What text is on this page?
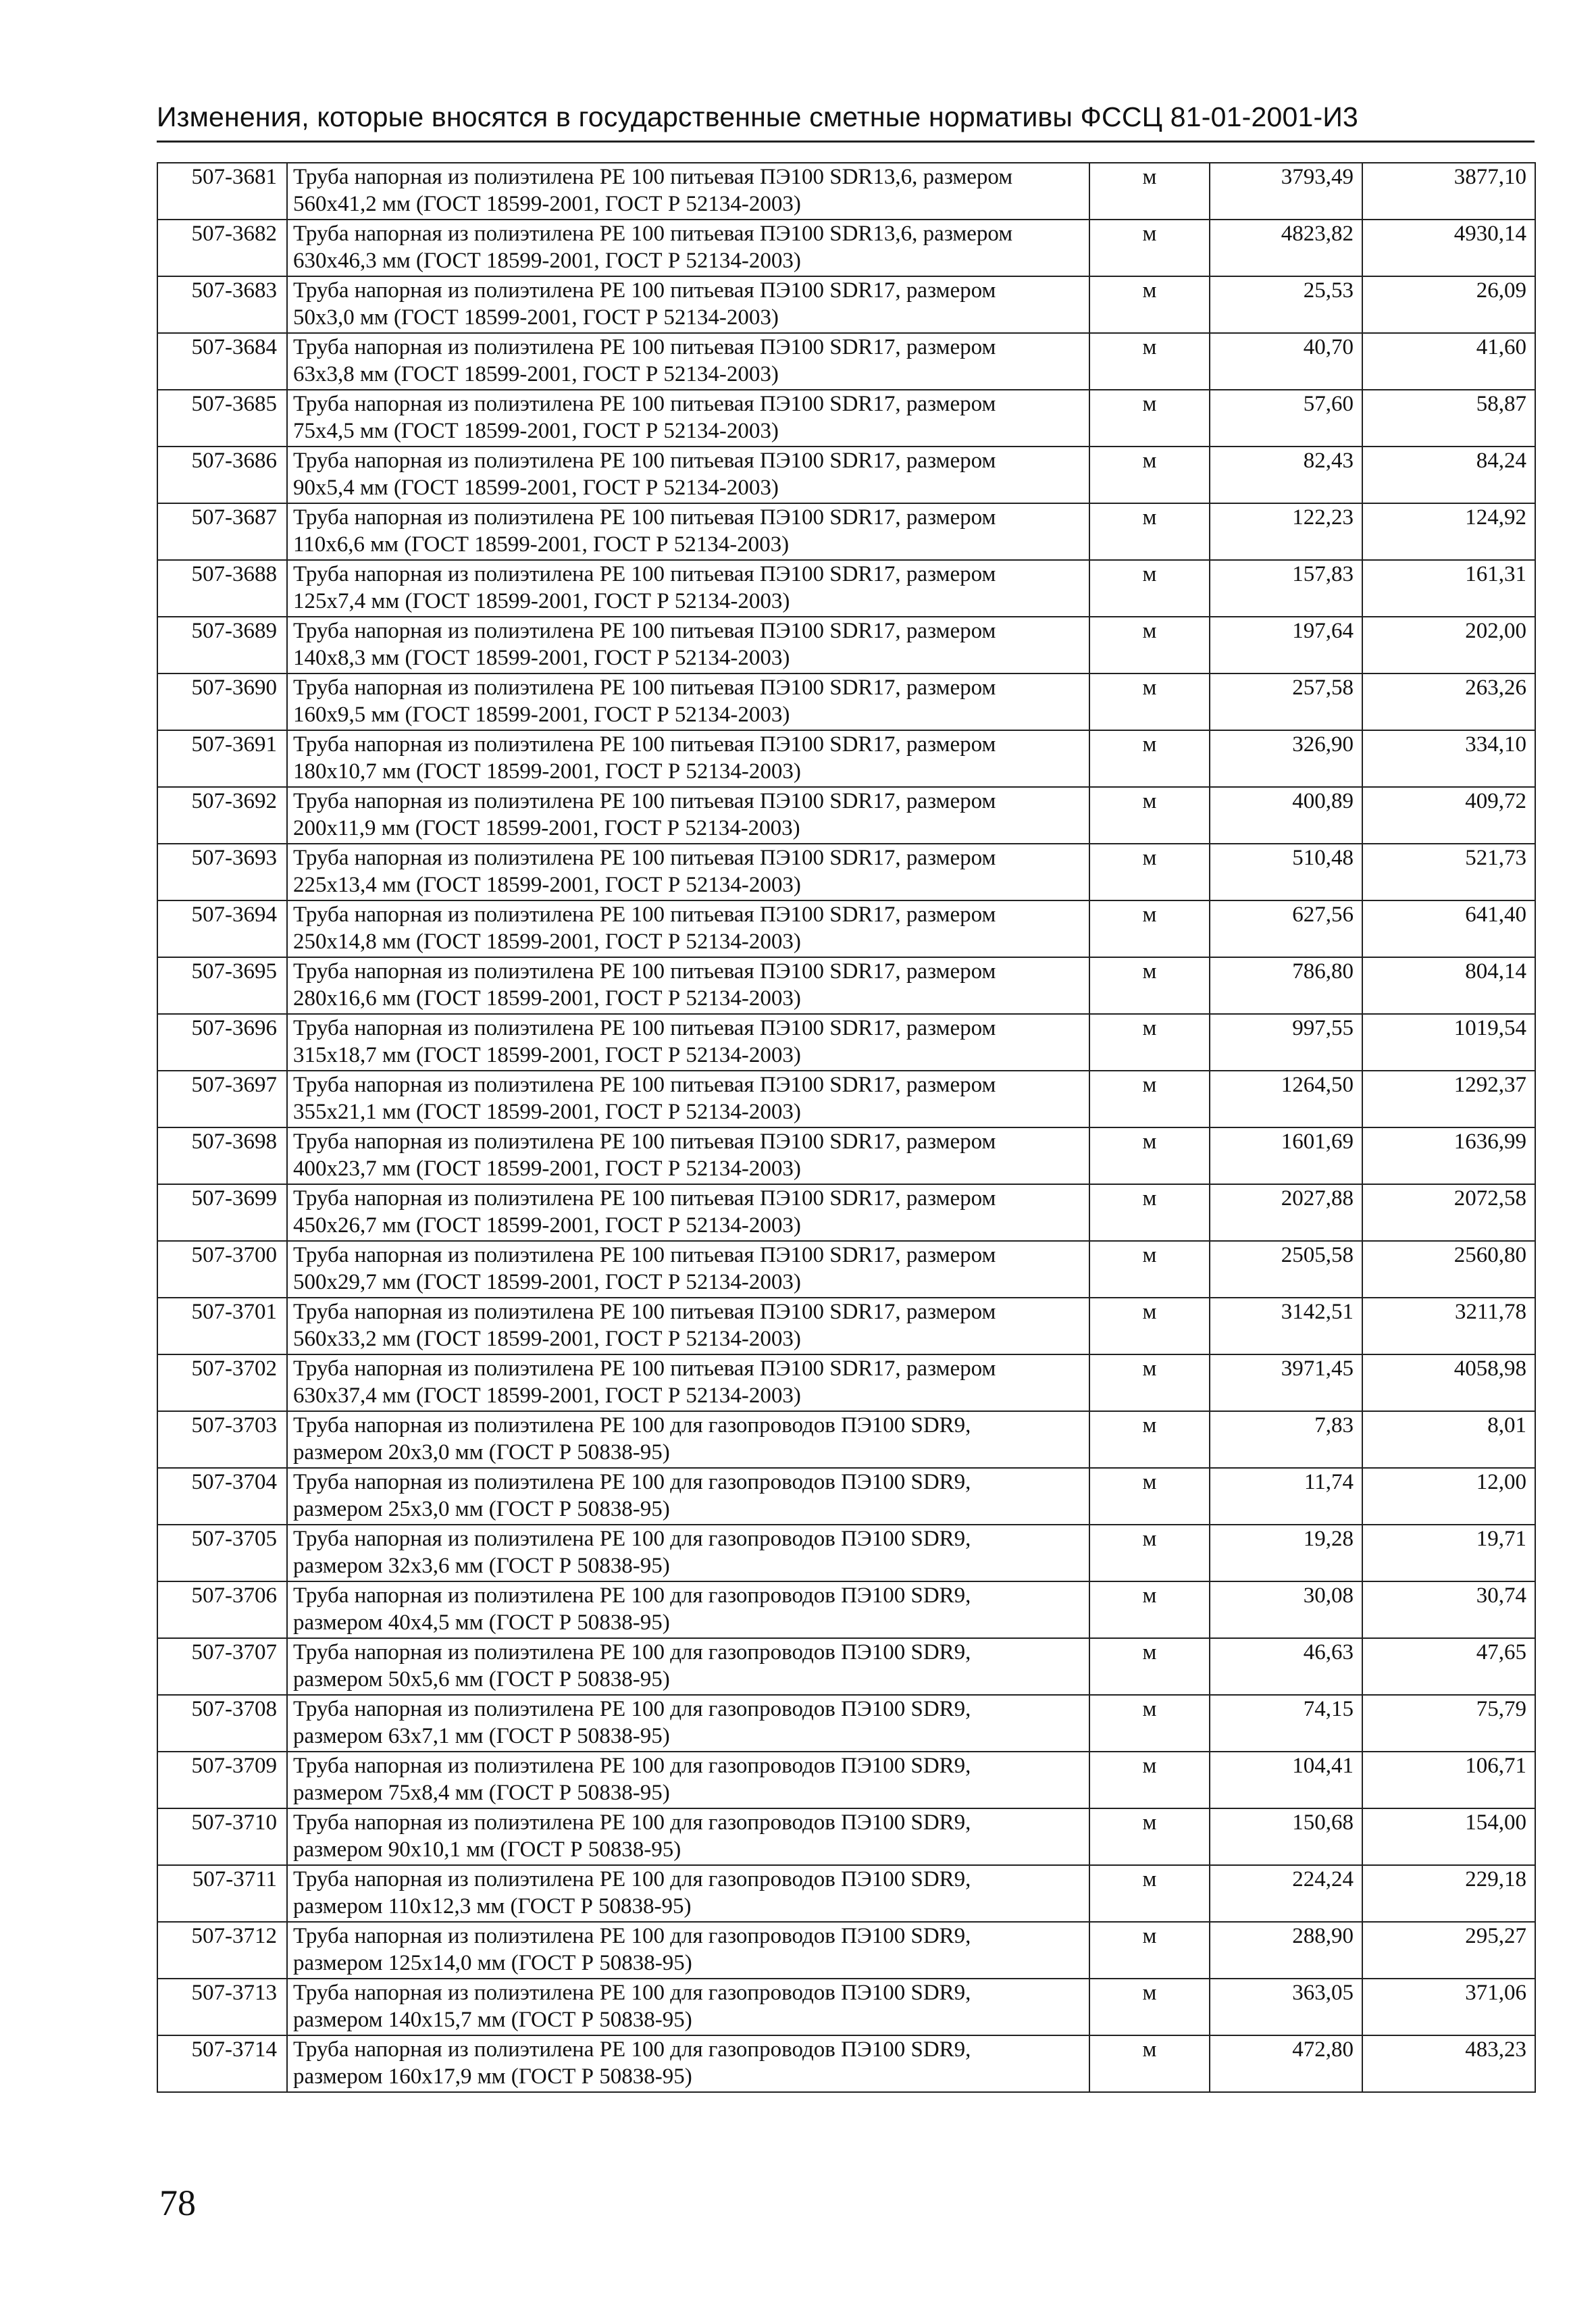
Изменения, которые вносятся в государственные сметные нормативы ФССЦ 81-01-2001-И3
507-3681	Труба напорная из полиэтилена PE 100 питьевая ПЭ100 SDR13,6, размером
560x41,2 мм (ГОСТ 18599-2001, ГОСТ Р 52134-2003)	м	3793,49	3877,10
507-3682	Труба напорная из полиэтилена PE 100 питьевая ПЭ100 SDR13,6, размером
630x46,3 мм (ГОСТ 18599-2001, ГОСТ Р 52134-2003)	м	4823,82	4930,14
507-3683	Труба напорная из полиэтилена PE 100 питьевая ПЭ100 SDR17, размером
50x3,0 мм (ГОСТ 18599-2001, ГОСТ Р 52134-2003)	м	25,53	26,09
507-3684	Труба напорная из полиэтилена PE 100 питьевая ПЭ100 SDR17, размером
63x3,8 мм (ГОСТ 18599-2001, ГОСТ Р 52134-2003)	м	40,70	41,60
507-3685	Труба напорная из полиэтилена PE 100 питьевая ПЭ100 SDR17, размером
75x4,5 мм (ГОСТ 18599-2001, ГОСТ Р 52134-2003)	м	57,60	58,87
507-3686	Труба напорная из полиэтилена PE 100 питьевая ПЭ100 SDR17, размером
90x5,4 мм (ГОСТ 18599-2001, ГОСТ Р 52134-2003)	м	82,43	84,24
507-3687	Труба напорная из полиэтилена PE 100 питьевая ПЭ100 SDR17, размером
110x6,6 мм (ГОСТ 18599-2001, ГОСТ Р 52134-2003)	м	122,23	124,92
507-3688	Труба напорная из полиэтилена PE 100 питьевая ПЭ100 SDR17, размером
125x7,4 мм (ГОСТ 18599-2001, ГОСТ Р 52134-2003)	м	157,83	161,31
507-3689	Труба напорная из полиэтилена PE 100 питьевая ПЭ100 SDR17, размером
140x8,3 мм (ГОСТ 18599-2001, ГОСТ Р 52134-2003)	м	197,64	202,00
507-3690	Труба напорная из полиэтилена PE 100 питьевая ПЭ100 SDR17, размером
160x9,5 мм (ГОСТ 18599-2001, ГОСТ Р 52134-2003)	м	257,58	263,26
507-3691	Труба напорная из полиэтилена PE 100 питьевая ПЭ100 SDR17, размером
180x10,7 мм (ГОСТ 18599-2001, ГОСТ Р 52134-2003)	м	326,90	334,10
507-3692	Труба напорная из полиэтилена PE 100 питьевая ПЭ100 SDR17, размером
200x11,9 мм (ГОСТ 18599-2001, ГОСТ Р 52134-2003)	м	400,89	409,72
507-3693	Труба напорная из полиэтилена PE 100 питьевая ПЭ100 SDR17, размером
225x13,4 мм (ГОСТ 18599-2001, ГОСТ Р 52134-2003)	м	510,48	521,73
507-3694	Труба напорная из полиэтилена PE 100 питьевая ПЭ100 SDR17, размером
250x14,8 мм (ГОСТ 18599-2001, ГОСТ Р 52134-2003)	м	627,56	641,40
507-3695	Труба напорная из полиэтилена PE 100 питьевая ПЭ100 SDR17, размером
280x16,6 мм (ГОСТ 18599-2001, ГОСТ Р 52134-2003)	м	786,80	804,14
507-3696	Труба напорная из полиэтилена PE 100 питьевая ПЭ100 SDR17, размером
315x18,7 мм (ГОСТ 18599-2001, ГОСТ Р 52134-2003)	м	997,55	1019,54
507-3697	Труба напорная из полиэтилена PE 100 питьевая ПЭ100 SDR17, размером
355x21,1 мм (ГОСТ 18599-2001, ГОСТ Р 52134-2003)	м	1264,50	1292,37
507-3698	Труба напорная из полиэтилена PE 100 питьевая ПЭ100 SDR17, размером
400x23,7 мм (ГОСТ 18599-2001, ГОСТ Р 52134-2003)	м	1601,69	1636,99
507-3699	Труба напорная из полиэтилена PE 100 питьевая ПЭ100 SDR17, размером
450x26,7 мм (ГОСТ 18599-2001, ГОСТ Р 52134-2003)	м	2027,88	2072,58
507-3700	Труба напорная из полиэтилена PE 100 питьевая ПЭ100 SDR17, размером
500x29,7 мм (ГОСТ 18599-2001, ГОСТ Р 52134-2003)	м	2505,58	2560,80
507-3701	Труба напорная из полиэтилена PE 100 питьевая ПЭ100 SDR17, размером
560x33,2 мм (ГОСТ 18599-2001, ГОСТ Р 52134-2003)	м	3142,51	3211,78
507-3702	Труба напорная из полиэтилена PE 100 питьевая ПЭ100 SDR17, размером
630x37,4 мм (ГОСТ 18599-2001, ГОСТ Р 52134-2003)	м	3971,45	4058,98
507-3703	Труба напорная из полиэтилена PE 100 для газопроводов ПЭ100 SDR9,
размером 20x3,0 мм (ГОСТ Р 50838-95)	м	7,83	8,01
507-3704	Труба напорная из полиэтилена PE 100 для газопроводов ПЭ100 SDR9,
размером 25x3,0 мм (ГОСТ Р 50838-95)	м	11,74	12,00
507-3705	Труба напорная из полиэтилена PE 100 для газопроводов ПЭ100 SDR9,
размером 32x3,6 мм (ГОСТ Р 50838-95)	м	19,28	19,71
507-3706	Труба напорная из полиэтилена PE 100 для газопроводов ПЭ100 SDR9,
размером 40x4,5 мм (ГОСТ Р 50838-95)	м	30,08	30,74
507-3707	Труба напорная из полиэтилена PE 100 для газопроводов ПЭ100 SDR9,
размером 50x5,6 мм (ГОСТ Р 50838-95)	м	46,63	47,65
507-3708	Труба напорная из полиэтилена PE 100 для газопроводов ПЭ100 SDR9,
размером 63x7,1 мм (ГОСТ Р 50838-95)	м	74,15	75,79
507-3709	Труба напорная из полиэтилена PE 100 для газопроводов ПЭ100 SDR9,
размером 75x8,4 мм (ГОСТ Р 50838-95)	м	104,41	106,71
507-3710	Труба напорная из полиэтилена PE 100 для газопроводов ПЭ100 SDR9,
размером 90x10,1 мм (ГОСТ Р 50838-95)	м	150,68	154,00
507-3711	Труба напорная из полиэтилена PE 100 для газопроводов ПЭ100 SDR9,
размером 110x12,3 мм (ГОСТ Р 50838-95)	м	224,24	229,18
507-3712	Труба напорная из полиэтилена PE 100 для газопроводов ПЭ100 SDR9,
размером 125x14,0 мм (ГОСТ Р 50838-95)	м	288,90	295,27
507-3713	Труба напорная из полиэтилена PE 100 для газопроводов ПЭ100 SDR9,
размером 140x15,7 мм (ГОСТ Р 50838-95)	м	363,05	371,06
507-3714	Труба напорная из полиэтилена PE 100 для газопроводов ПЭ100 SDR9,
размером 160x17,9 мм (ГОСТ Р 50838-95)	м	472,80	483,23
78
